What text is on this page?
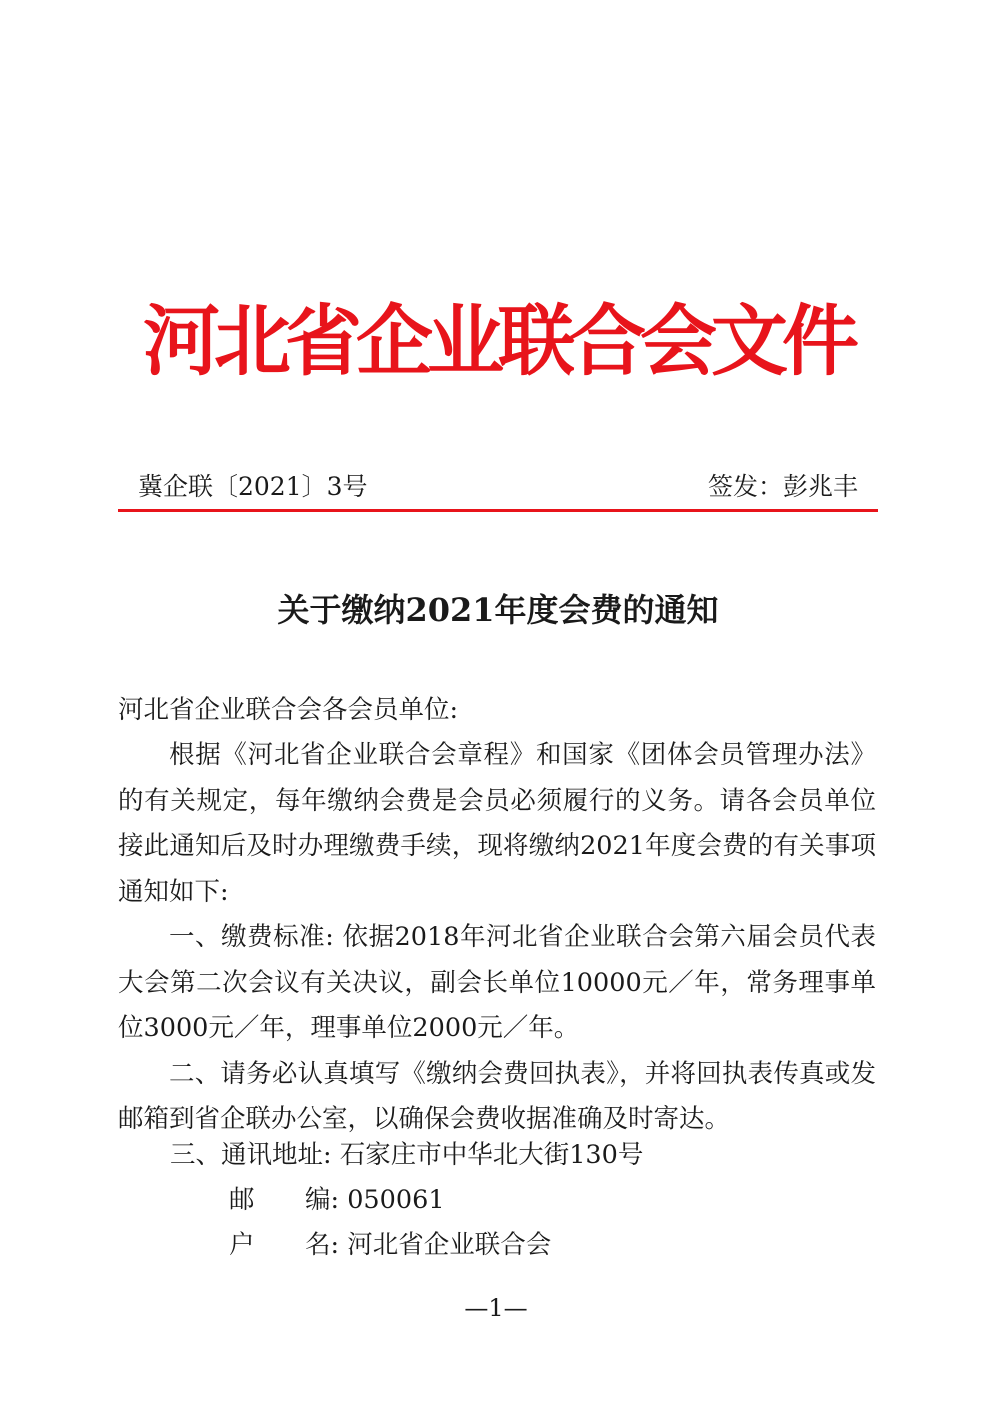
河北省企业联合会文件
冀企联〔2021〕3号	签发：彭兆丰
关于缴纳2021年度会费的通知
河北省企业联合会各会员单位:

根据《河北省企业联合会章程》和国家《团体会员管理办法》的有关规定，每年缴纳会费是会员必须履行的义务。请各会员单位接此通知后及时办理缴费手续，现将缴纳2021年度会费的有关事项通知如下:

一、缴费标准: 依据2018年河北省企业联合会第六届会员代表大会第二次会议有关决议，副会长单位10000元／年，常务理事单位3000元／年，理事单位2000元／年。

二、请务必认真填写《缴纳会费回执表》，并将回执表传真或发邮箱到省企联办公室，以确保会费收据准确及时寄达。

三、通讯地址: 石家庄市中华北大街130号
邮 编: 050061
户 名: 河北省企业联合会
—1—
